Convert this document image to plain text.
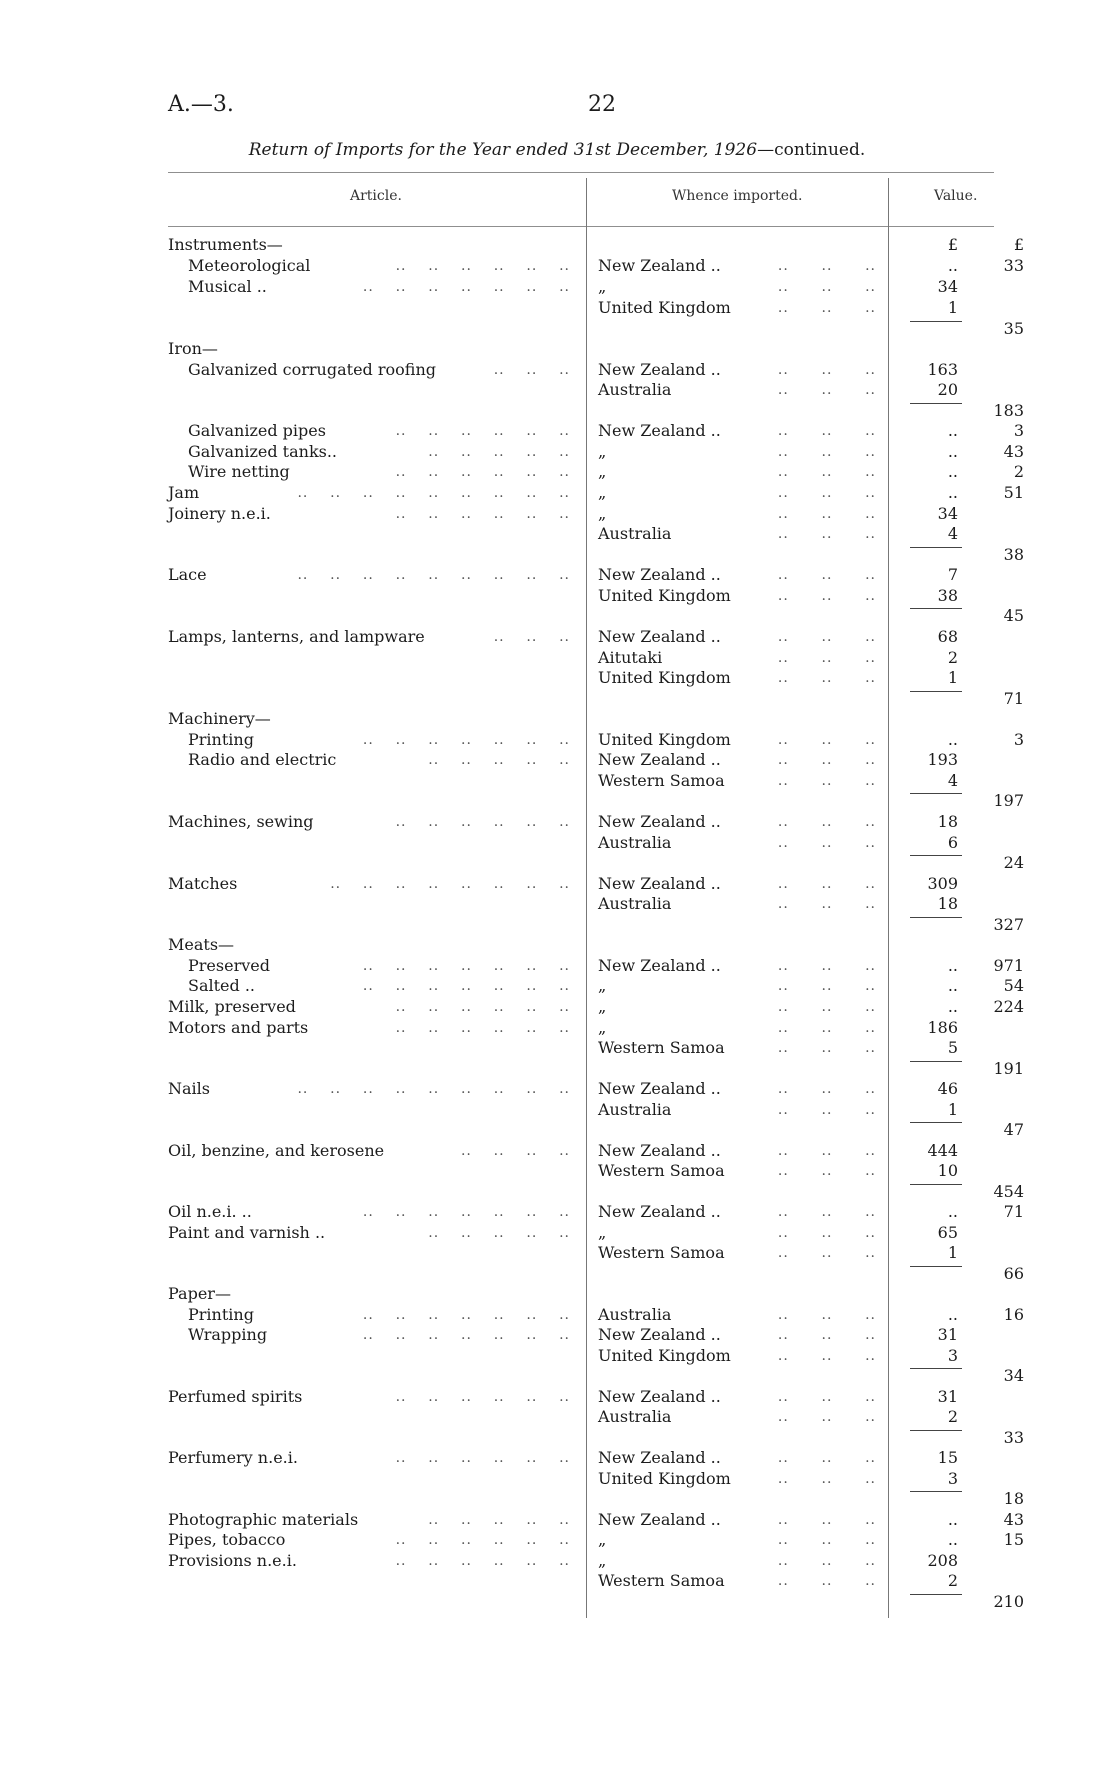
A.—3.	22
Return of Imports for the Year ended 31st December, 1926—continued.
Article.	Whence imported.	Value.
Instruments—	£	£
Meteorological	..    ..    ..    ..    ..    .. New Zealand ..	..      ..      ..	..	33
Musical ..	..    ..    ..    ..    ..    ..    .. „	..      ..      ..	34
United Kingdom	..      ..      ..	1
35
Iron—
Galvanized corrugated roofing	..    ..    .. New Zealand ..	..      ..      ..	163
Australia	..      ..      ..	20
183
Galvanized pipes	..    ..    ..    ..    ..    .. New Zealand ..	..      ..      ..	..	3
Galvanized tanks..	..    ..    ..    ..    .. „	..      ..      ..	..	43
Wire netting	..    ..    ..    ..    ..    .. „	..      ..      ..	..	2
Jam	..    ..    ..    ..    ..    ..    ..    ..    .. „	..      ..      ..	..	51
Joinery n.e.i.	..    ..    ..    ..    ..    .. „	..      ..      ..	34
Australia	..      ..      ..	4
38
Lace	..    ..    ..    ..    ..    ..    ..    ..    .. New Zealand ..	..      ..      ..	7
United Kingdom	..      ..      ..	38
45
Lamps, lanterns, and lampware	..    ..    .. New Zealand ..	..      ..      ..	68
Aitutaki	..      ..      ..	2
United Kingdom	..      ..      ..	1
71
Machinery—
Printing	..    ..    ..    ..    ..    ..    .. United Kingdom	..      ..      ..	..	3
Radio and electric	..    ..    ..    ..    .. New Zealand ..	..      ..      ..	193
Western Samoa	..      ..      ..	4
197
Machines, sewing	..    ..    ..    ..    ..    .. New Zealand ..	..      ..      ..	18
Australia	..      ..      ..	6
24
Matches	..    ..    ..    ..    ..    ..    ..    .. New Zealand ..	..      ..      ..	309
Australia	..      ..      ..	18
327
Meats—
Preserved	..    ..    ..    ..    ..    ..    .. New Zealand ..	..      ..      ..	.. 971
Salted ..	..    ..    ..    ..    ..    ..    .. „	..      ..      ..	..	54
Milk, preserved	..    ..    ..    ..    ..    .. „	..      ..      ..	.. 224
Motors and parts	..    ..    ..    ..    ..    .. „	..      ..      ..	186
Western Samoa	..      ..      ..	5
191
Nails	..    ..    ..    ..    ..    ..    ..    ..    .. New Zealand ..	..      ..      ..	46
Australia	..      ..      ..	1
47
Oil, benzine, and kerosene	..    ..    ..    .. New Zealand ..	..      ..      ..	444
Western Samoa	..      ..      ..	10
454
Oil n.e.i. ..	..    ..    ..    ..    ..    ..    .. New Zealand ..	..      ..      ..	..	71
Paint and varnish ..	..    ..    ..    ..    .. „	..      ..      ..	65
Western Samoa	..      ..      ..	1
66
Paper—
Printing	..    ..    ..    ..    ..    ..    .. Australia	..      ..      ..	..	16
Wrapping	..    ..    ..    ..    ..    ..    .. New Zealand ..	..      ..      ..	31
United Kingdom	..      ..      ..	3
34
Perfumed spirits	..    ..    ..    ..    ..    .. New Zealand ..	..      ..      ..	31
Australia	..      ..      ..	2
33
Perfumery n.e.i.	..    ..    ..    ..    ..    .. New Zealand ..	..      ..      ..	15
United Kingdom	..      ..      ..	3
18
Photographic materials	..    ..    ..    ..    .. New Zealand ..	..      ..      ..	..	43
Pipes, tobacco	..    ..    ..    ..    ..    .. „	..      ..      ..	..	15
Provisions n.e.i.	..    ..    ..    ..    ..    .. „	..      ..      ..	208
Western Samoa	..      ..      ..	2
210
